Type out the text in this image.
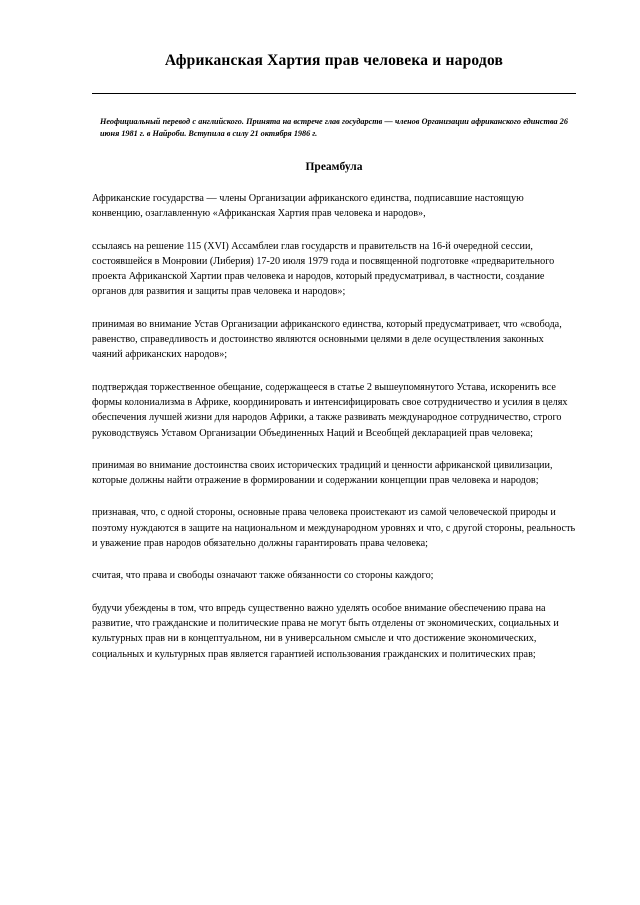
Африканская Хартия прав человека и народов

Неофициальный перевод с английского. Принята на встрече глав государств — членов Организации африканского единства 26 июня 1981 г. в Найроби. Вступила в силу 21 октября 1986 г.

Преамбула

Африканские государства — члены Организации африканского единства, подписавшие настоящую конвенцию, озаглавленную «Африканская Хартия прав человека и народов»,

ссылаясь на решение 115 (XVI) Ассамблеи глав государств и правительств на 16-й очередной сессии, состоявшейся в Монровии (Либерия) 17-20 июля 1979 года и посвященной подготовке «предварительного проекта Африканской Хартии прав человека и народов, который предусматривал, в частности, создание органов для развития и защиты прав человека и народов»;

принимая во внимание Устав Организации африканского единства, который предусматривает, что «свобода, равенство, справедливость и достоинство являются основными целями в деле осуществления законных чаяний африканских народов»;

подтверждая торжественное обещание, содержащееся в статье 2 вышеупомянутого Устава, искоренить все формы колониализма в Африке, координировать и интенсифицировать свое сотрудничество и усилия в целях обеспечения лучшей жизни для народов Африки, а также развивать международное сотрудничество, строго руководствуясь Уставом Организации Объединенных Наций и Всеобщей декларацией прав человека;

принимая во внимание достоинства своих исторических традиций и ценности африканской цивилизации, которые должны найти отражение в формировании и содержании концепции прав человека и народов;

признавая, что, с одной стороны, основные права человека проистекают из самой человеческой природы и поэтому нуждаются в защите на национальном и международном уровнях и что, с другой стороны, реальность и уважение прав народов обязательно должны гарантировать права человека;

считая, что права и свободы означают также обязанности со стороны каждого;

будучи убеждены в том, что впредь существенно важно уделять особое внимание обеспечению права на развитие, что гражданские и политические права не могут быть отделены от экономических, социальных и культурных прав ни в концептуальном, ни в универсальном смысле и что достижение экономических, социальных и культурных прав является гарантией использования гражданских и политических прав;
